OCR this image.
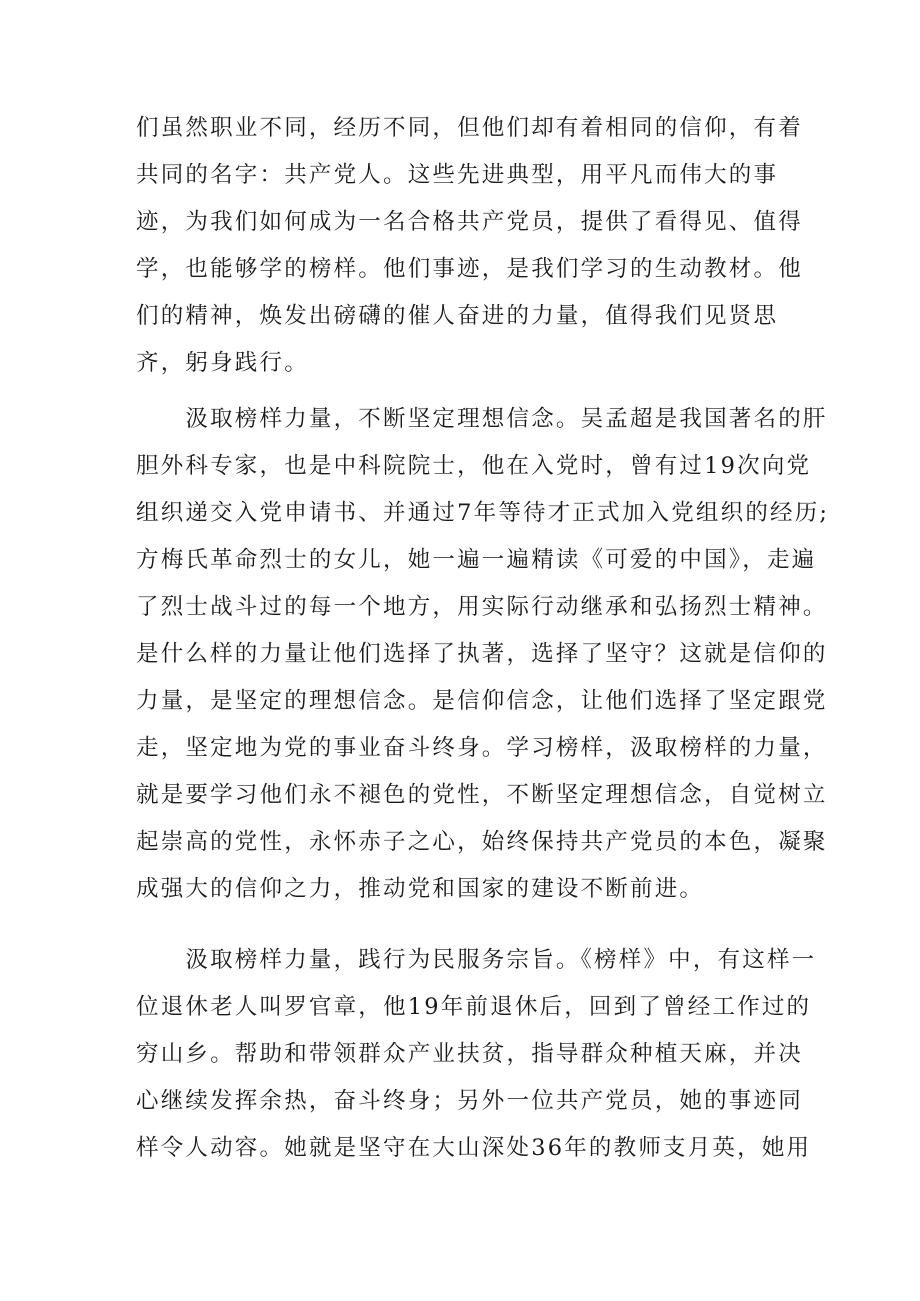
们虽然职业不同，经历不同，但他们却有着相同的信仰，有着
共同的名字：共产党人。这些先进典型，用平凡而伟大的事
迹，为我们如何成为一名合格共产党员，提供了看得见、值得
学，也能够学的榜样。他们事迹，是我们学习的生动教材。他
们的精神，焕发出磅礴的催人奋进的力量，值得我们见贤思
齐，躬身践行。
　　汲取榜样力量，不断坚定理想信念。吴孟超是我国著名的肝
胆外科专家，也是中科院院士，他在入党时，曾有过19次向党
组织递交入党申请书、并通过7年等待才正式加入党组织的经历;
方梅氏革命烈士的女儿，她一遍一遍精读《可爱的中国》，走遍
了烈士战斗过的每一个地方，用实际行动继承和弘扬烈士精神。
是什么样的力量让他们选择了执著，选择了坚守？这就是信仰的
力量，是坚定的理想信念。是信仰信念，让他们选择了坚定跟党
走，坚定地为党的事业奋斗终身。学习榜样，汲取榜样的力量，
就是要学习他们永不褪色的党性，不断坚定理想信念，自觉树立
起崇高的党性，永怀赤子之心，始终保持共产党员的本色，凝聚
成强大的信仰之力，推动党和国家的建设不断前进。
　　汲取榜样力量，践行为民服务宗旨。《榜样》中，有这样一
位退休老人叫罗官章，他19年前退休后，回到了曾经工作过的
穷山乡。帮助和带领群众产业扶贫，指导群众种植天麻，并决
心继续发挥余热，奋斗终身；另外一位共产党员，她的事迹同
样令人动容。她就是坚守在大山深处36年的教师支月英，她用
